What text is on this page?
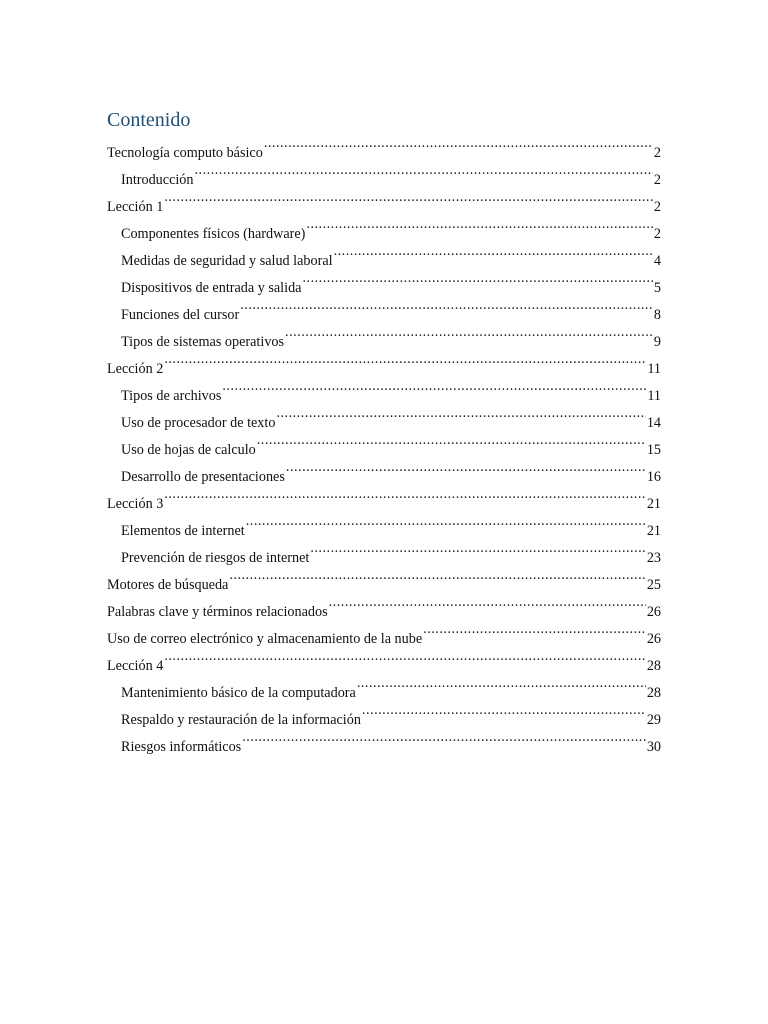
Contenido
Tecnología computo básico .....	2
Introducción .....	2
Lección 1 .....	2
Componentes físicos (hardware) .....	2
Medidas de seguridad y salud laboral .....	4
Dispositivos de entrada y salida .....	5
Funciones del cursor .....	8
Tipos de sistemas operativos .....	9
Lección 2 .....	11
Tipos de archivos .....	11
Uso de procesador de texto .....	14
Uso de hojas de calculo .....	15
Desarrollo de presentaciones .....	16
Lección 3 .....	21
Elementos de internet .....	21
Prevención de riesgos de internet .....	23
Motores de búsqueda .....	25
Palabras clave y términos relacionados .....	26
Uso de correo electrónico y almacenamiento de la nube .....	26
Lección 4 .....	28
Mantenimiento básico de la computadora .....	28
Respaldo y restauración de la información .....	29
Riesgos informáticos .....	30
